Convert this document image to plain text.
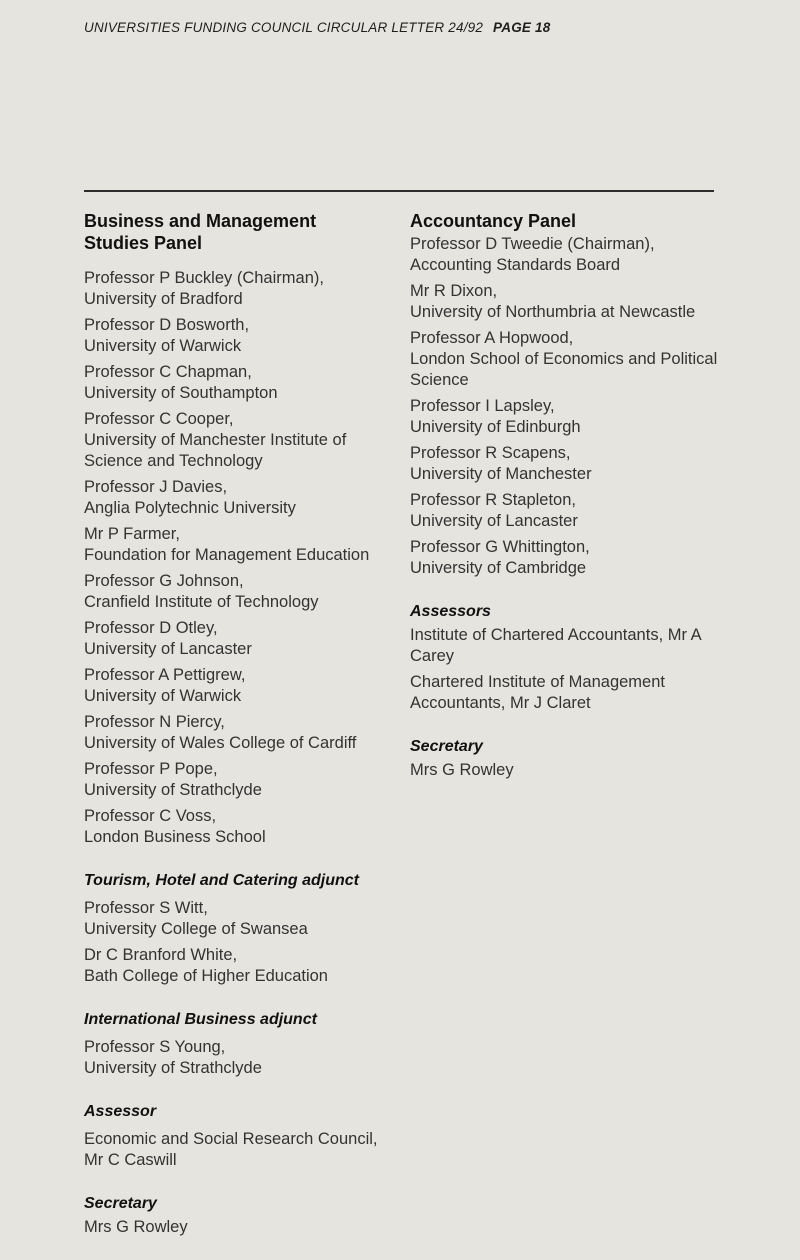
UNIVERSITIES FUNDING COUNCIL CIRCULAR LETTER 24/92 PAGE 18
Business and Management Studies Panel
Professor P Buckley (Chairman),
University of Bradford
Professor D Bosworth,
University of Warwick
Professor C Chapman,
University of Southampton
Professor C Cooper,
University of Manchester Institute of Science and Technology
Professor J Davies,
Anglia Polytechnic University
Mr P Farmer,
Foundation for Management Education
Professor G Johnson,
Cranfield Institute of Technology
Professor D Otley,
University of Lancaster
Professor A Pettigrew,
University of Warwick
Professor N Piercy,
University of Wales College of Cardiff
Professor P Pope,
University of Strathclyde
Professor C Voss,
London Business School
Tourism, Hotel and Catering adjunct
Professor S Witt,
University College of Swansea
Dr C Branford White,
Bath College of Higher Education
International Business adjunct
Professor S Young,
University of Strathclyde
Assessor
Economic and Social Research Council,
Mr C Caswill
Secretary
Mrs G Rowley
Accountancy Panel
Professor D Tweedie (Chairman),
Accounting Standards Board
Mr R Dixon,
University of Northumbria at Newcastle
Professor A Hopwood,
London School of Economics and Political Science
Professor I Lapsley,
University of Edinburgh
Professor R Scapens,
University of Manchester
Professor R Stapleton,
University of Lancaster
Professor G Whittington,
University of Cambridge
Assessors
Institute of Chartered Accountants, Mr A Carey
Chartered Institute of Management Accountants, Mr J Claret
Secretary
Mrs G Rowley
